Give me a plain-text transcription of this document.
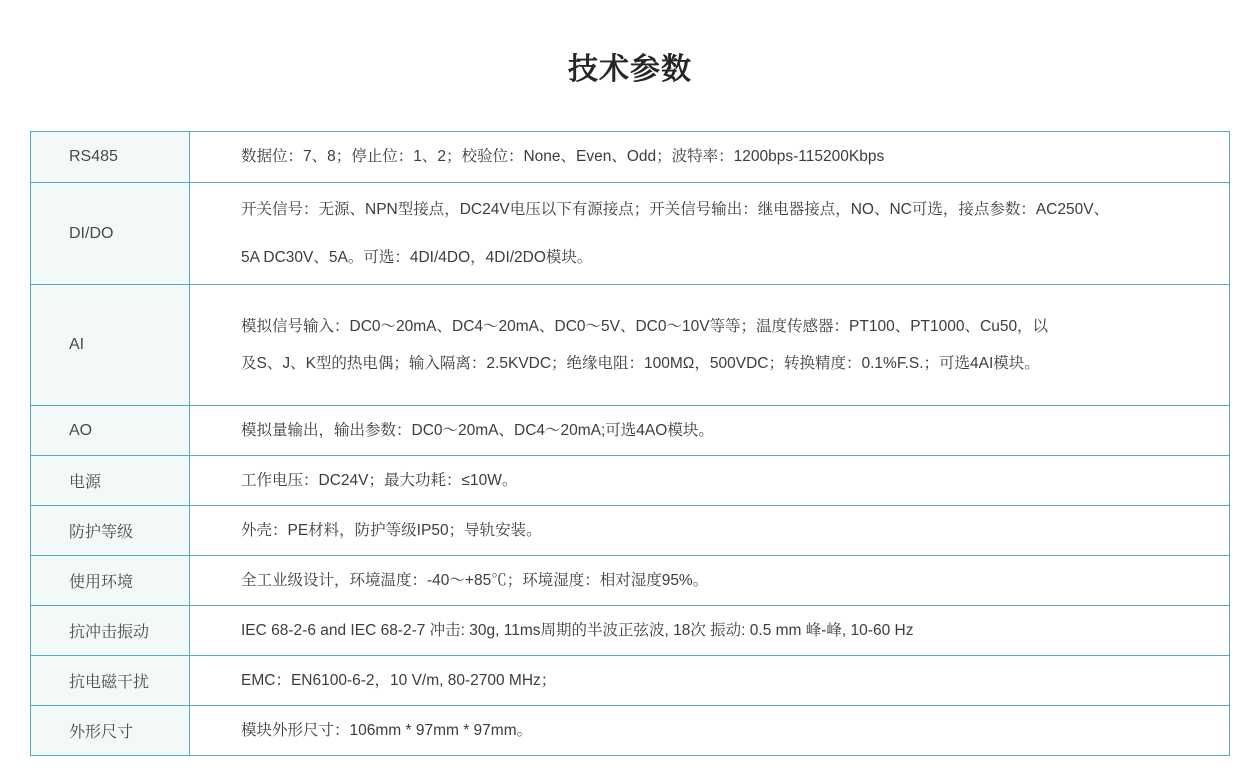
技术参数
RS485	数据位：7、8；停止位：1、2；校验位：None、Even、Odd；波特率：1200bps-115200Kbps

DI/DO	开关信号：无源、NPN型接点，DC24V电压以下有源接点；开关信号输出：继电器接点，NO、NC可选，接点参数：AC250V、
5A DC30V、5A。可选：4DI/4DO，4DI/2DO模块。

AI	模拟信号输入：DC0～20mA、DC4～20mA、DC0～5V、DC0～10V等等；温度传感器：PT100、PT1000、Cu50，以
及S、J、K型的热电偶；输入隔离：2.5KVDC；绝缘电阻：100MΩ，500VDC；转换精度：0.1%F.S.；可选4AI模块。

AO	模拟量输出，输出参数：DC0～20mA、DC4～20mA;可选4AO模块。

电源	工作电压：DC24V；最大功耗：≤10W。

防护等级	外壳：PE材料，防护等级IP50；导轨安装。

使用环境	全工业级设计，环境温度：-40～+85℃；环境湿度：相对湿度95%。

抗冲击振动	IEC 68-2-6 and IEC 68-2-7 冲击: 30g, 11ms周期的半波正弦波, 18次 振动: 0.5 mm 峰-峰, 10-60 Hz

抗电磁干扰	EMC：EN6100-6-2，10 V/m, 80-2700 MHz；

外形尺寸	模块外形尺寸：106mm * 97mm * 97mm。
